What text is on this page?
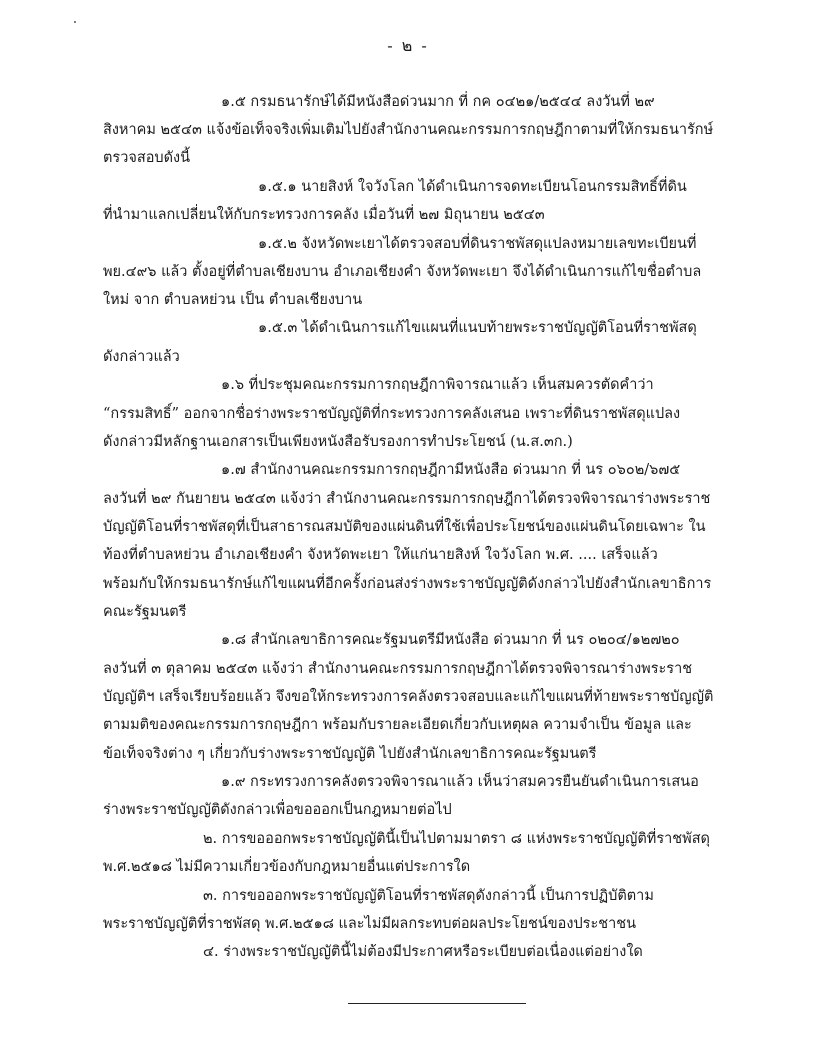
- ๒ -
๑.๕ กรมธนารักษ์ได้มีหนังสือด่วนมาก ที่ กค ๐๔๒๑/๒๕๔๔ ลงวันที่ ๒๙
สิงหาคม ๒๕๔๓ แจ้งข้อเท็จจริงเพิ่มเติมไปยังสำนักงานคณะกรรมการกฤษฎีกาตามที่ให้กรมธนารักษ์
ตรวจสอบดังนี้
๑.๕.๑ นายสิงห์ ใจวังโลก ได้ดำเนินการจดทะเบียนโอนกรรมสิทธิ์ที่ดิน
ที่นำมาแลกเปลี่ยนให้กับกระทรวงการคลัง เมื่อวันที่ ๒๗ มิถุนายน ๒๕๔๓
๑.๕.๒ จังหวัดพะเยาได้ตรวจสอบที่ดินราชพัสดุแปลงหมายเลขทะเบียนที่
พย.๔๙๖ แล้ว ตั้งอยู่ที่ตำบลเชียงบาน อำเภอเชียงคำ จังหวัดพะเยา จึงได้ดำเนินการแก้ไขชื่อตำบล
ใหม่ จาก ตำบลหย่วน เป็น ตำบลเชียงบาน
๑.๕.๓ ได้ดำเนินการแก้ไขแผนที่แนบท้ายพระราชบัญญัติโอนที่ราชพัสดุ
ดังกล่าวแล้ว
๑.๖ ที่ประชุมคณะกรรมการกฤษฎีกาพิจารณาแล้ว เห็นสมควรตัดคำว่า
“กรรมสิทธิ์” ออกจากชื่อร่างพระราชบัญญัติที่กระทรวงการคลังเสนอ เพราะที่ดินราชพัสดุแปลง
ดังกล่าวมีหลักฐานเอกสารเป็นเพียงหนังสือรับรองการทำประโยชน์ (น.ส.๓ก.)
๑.๗ สำนักงานคณะกรรมการกฤษฎีกามีหนังสือ ด่วนมาก ที่ นร ๐๖๐๒/๖๗๕
ลงวันที่ ๒๙ กันยายน ๒๕๔๓ แจ้งว่า สำนักงานคณะกรรมการกฤษฎีกาได้ตรวจพิจารณาร่างพระราช
บัญญัติโอนที่ราชพัสดุที่เป็นสาธารณสมบัติของแผ่นดินที่ใช้เพื่อประโยชน์ของแผ่นดินโดยเฉพาะ ใน
ท้องที่ตำบลหย่วน อำเภอเชียงคำ จังหวัดพะเยา ให้แก่นายสิงห์ ใจวังโลก พ.ศ. .... เสร็จแล้ว
พร้อมกับให้กรมธนารักษ์แก้ไขแผนที่อีกครั้งก่อนส่งร่างพระราชบัญญัติดังกล่าวไปยังสำนักเลขาธิการ
คณะรัฐมนตรี
๑.๘ สำนักเลขาธิการคณะรัฐมนตรีมีหนังสือ ด่วนมาก ที่ นร ๐๒๐๔/๑๒๗๒๐
ลงวันที่ ๓ ตุลาคม ๒๕๔๓ แจ้งว่า สำนักงานคณะกรรมการกฤษฎีกาได้ตรวจพิจารณาร่างพระราช
บัญญัติฯ เสร็จเรียบร้อยแล้ว จึงขอให้กระทรวงการคลังตรวจสอบและแก้ไขแผนที่ท้ายพระราชบัญญัติ
ตามมติของคณะกรรมการกฤษฎีกา พร้อมกับรายละเอียดเกี่ยวกับเหตุผล ความจำเป็น ข้อมูล และ
ข้อเท็จจริงต่าง ๆ เกี่ยวกับร่างพระราชบัญญัติ ไปยังสำนักเลขาธิการคณะรัฐมนตรี
๑.๙ กระทรวงการคลังตรวจพิจารณาแล้ว เห็นว่าสมควรยืนยันดำเนินการเสนอ
ร่างพระราชบัญญัติดังกล่าวเพื่อขอออกเป็นกฎหมายต่อไป
๒. การขอออกพระราชบัญญัตินี้เป็นไปตามมาตรา ๘ แห่งพระราชบัญญัติที่ราชพัสดุ
พ.ศ.๒๕๑๘ ไม่มีความเกี่ยวข้องกับกฎหมายอื่นแต่ประการใด
๓. การขอออกพระราชบัญญัติโอนที่ราชพัสดุดังกล่าวนี้ เป็นการปฏิบัติตาม
พระราชบัญญัติที่ราชพัสดุ พ.ศ.๒๕๑๘ และไม่มีผลกระทบต่อผลประโยชน์ของประชาชน
๔. ร่างพระราชบัญญัตินี้ไม่ต้องมีประกาศหรือระเบียบต่อเนื่องแต่อย่างใด
